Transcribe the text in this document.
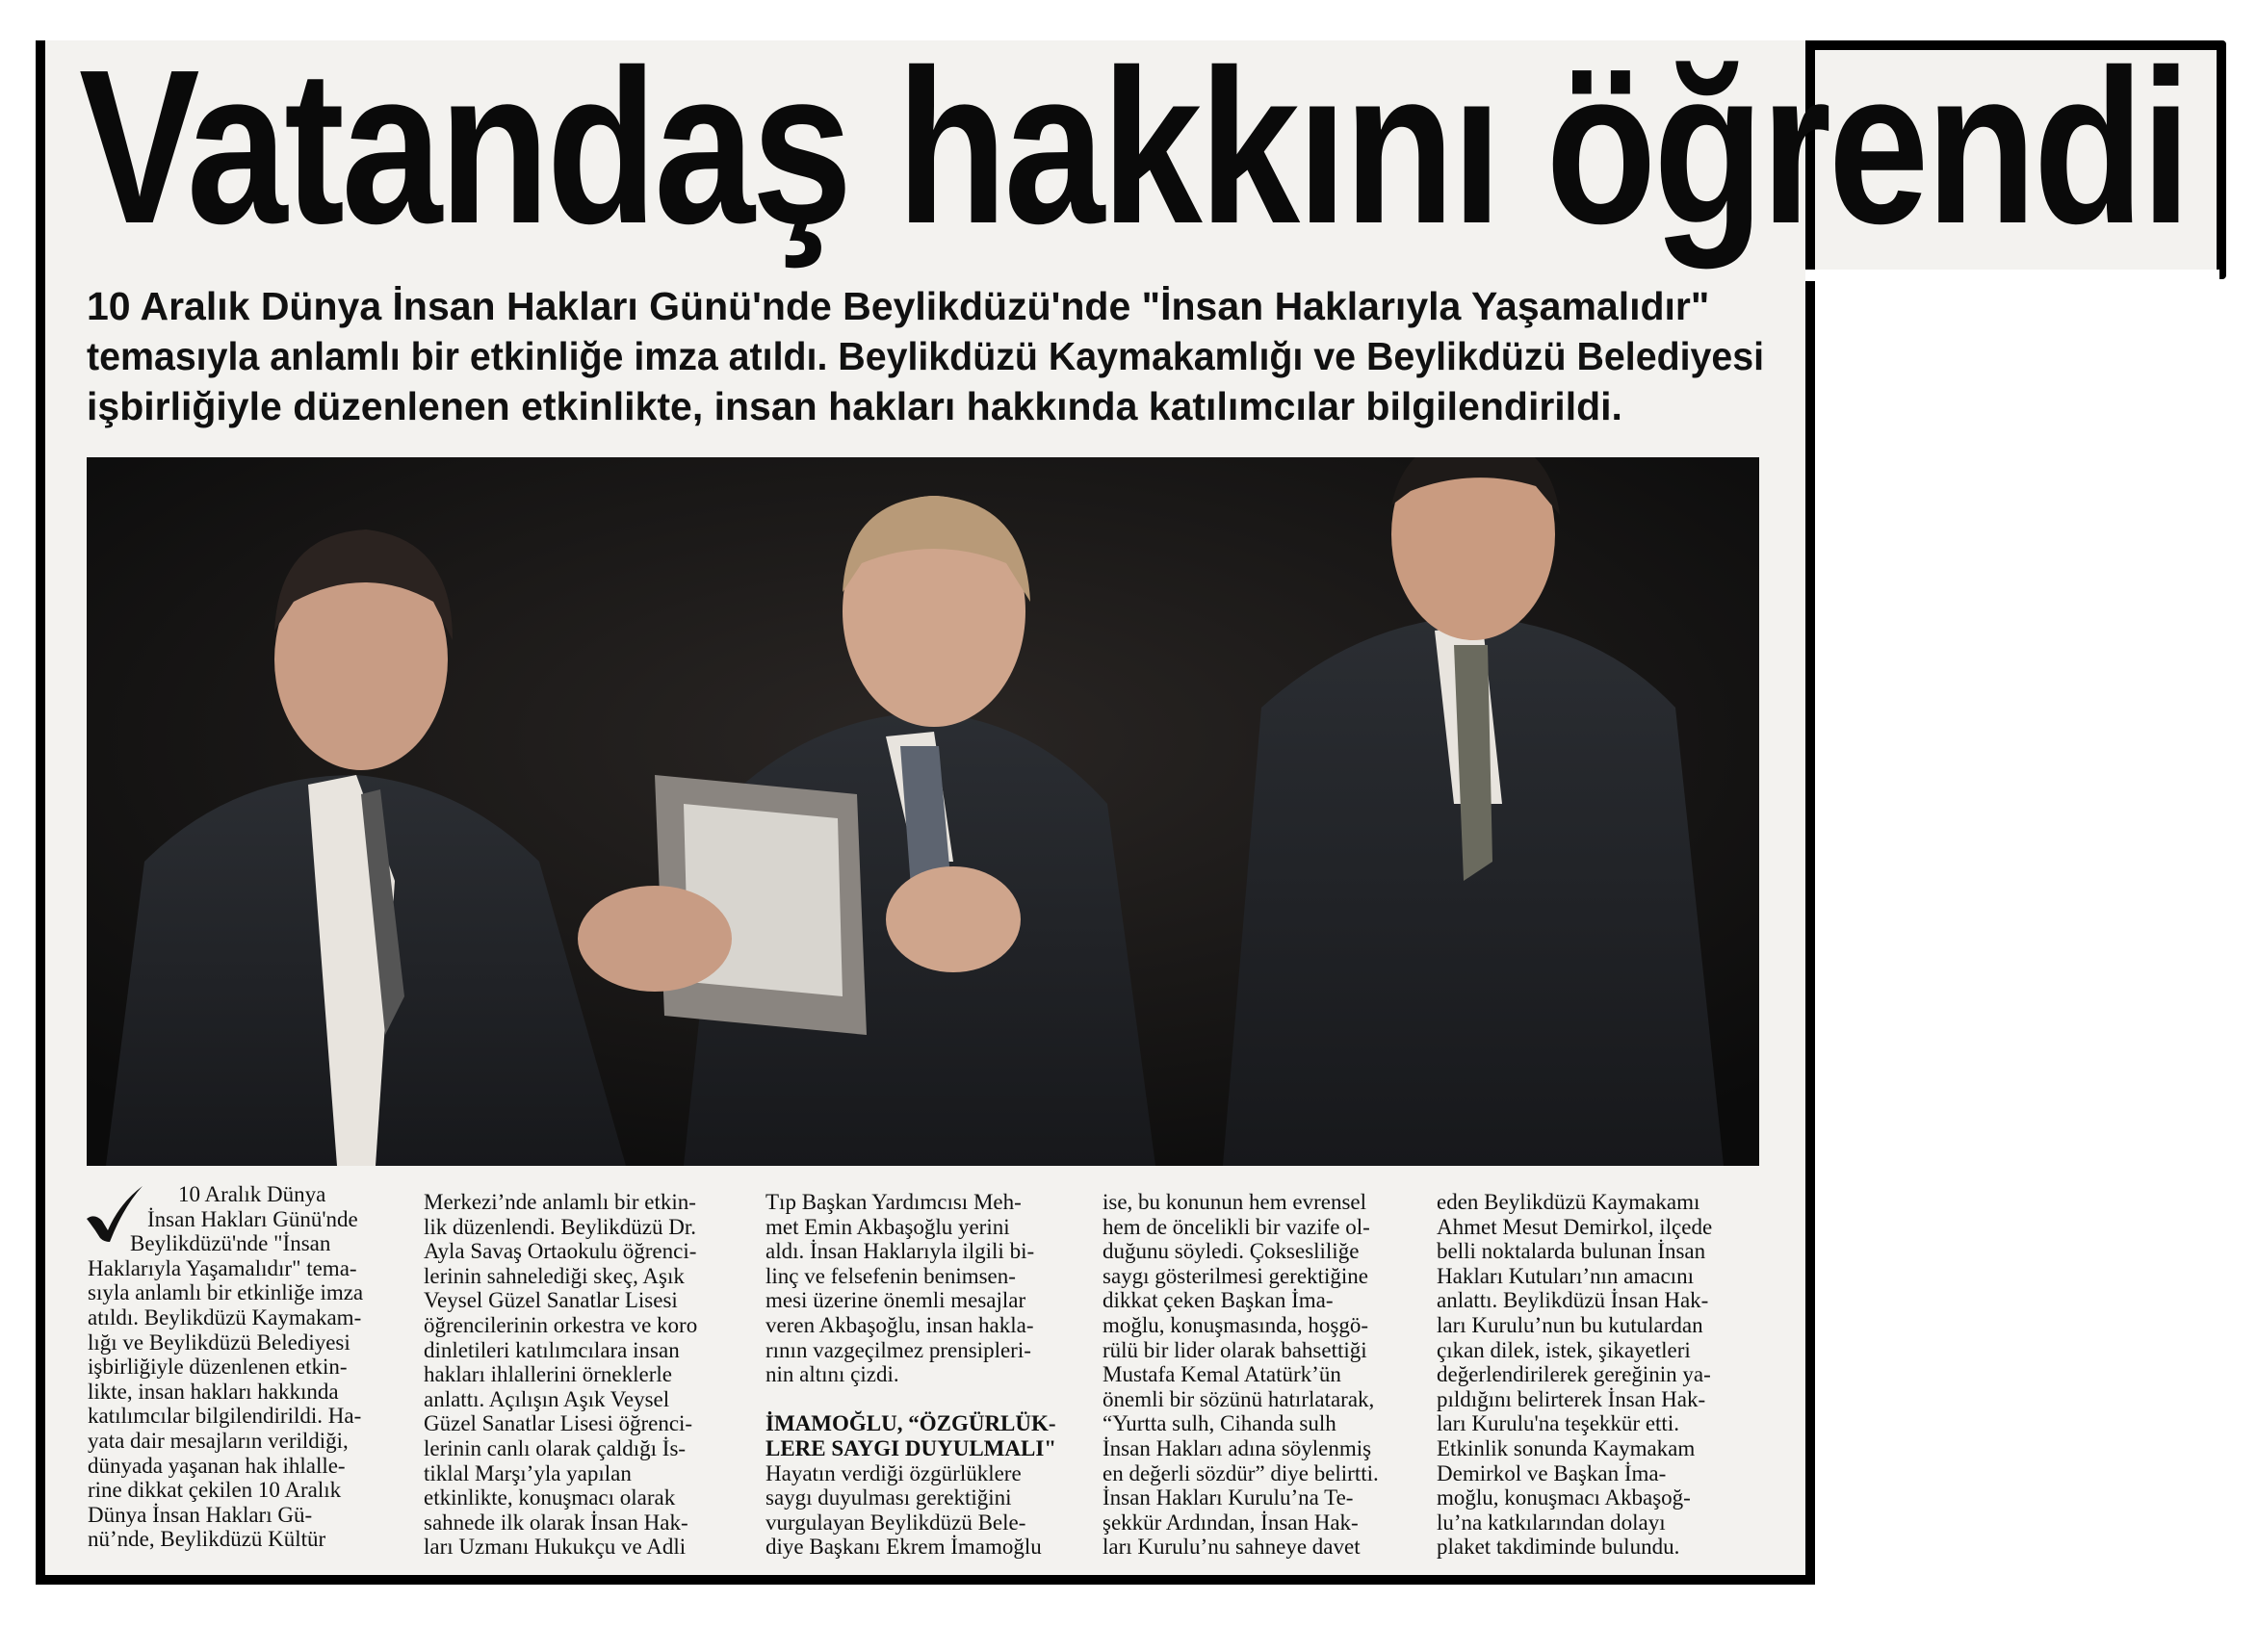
Vatandaş hakkını öğrendi
10 Aralık Dünya İnsan Hakları Günü'nde Beylikdüzü'nde "İnsan Haklarıyla Yaşamalıdır"
temasıyla anlamlı bir etkinliğe imza atıldı. Beylikdüzü Kaymakamlığı ve Beylikdüzü Belediyesi
işbirliğiyle düzenlenen etkinlikte, insan hakları hakkında katılımcılar bilgilendirildi.
10 Aralık Dünya
İnsan Hakları Günü'nde
Beylikdüzü'nde "İnsan
Haklarıyla Yaşamalıdır" tema-
sıyla anlamlı bir etkinliğe imza
atıldı. Beylikdüzü Kaymakam-
lığı ve Beylikdüzü Belediyesi
işbirliğiyle düzenlenen etkin-
likte, insan hakları hakkında
katılımcılar bilgilendirildi. Ha-
yata dair mesajların verildiği,
dünyada yaşanan hak ihlalle-
rine dikkat çekilen 10 Aralık
Dünya İnsan Hakları Gü-
nü’nde, Beylikdüzü Kültür
Merkezi’nde anlamlı bir etkin-
lik düzenlendi. Beylikdüzü Dr.
Ayla Savaş Ortaokulu öğrenci-
lerinin sahnelediği skeç, Aşık
Veysel Güzel Sanatlar Lisesi
öğrencilerinin orkestra ve koro
dinletileri katılımcılara insan
hakları ihlallerini örneklerle
anlattı. Açılışın Aşık Veysel
Güzel Sanatlar Lisesi öğrenci-
lerinin canlı olarak çaldığı İs-
tiklal Marşı’yla yapılan
etkinlikte, konuşmacı olarak
sahnede ilk olarak İnsan Hak-
ları Uzmanı Hukukçu ve Adli
Tıp Başkan Yardımcısı Meh-
met Emin Akbaşoğlu yerini
aldı. İnsan Haklarıyla ilgili bi-
linç ve felsefenin benimsen-
mesi üzerine önemli mesajlar
veren Akbaşoğlu, insan hakla-
rının vazgeçilmez prensipleri-
nin altını çizdi.
İMAMOĞLU, “ÖZGÜRLÜK-
LERE SAYGI DUYULMALI"
Hayatın verdiği özgürlüklere
saygı duyulması gerektiğini
vurgulayan Beylikdüzü Bele-
diye Başkanı Ekrem İmamoğlu
ise, bu konunun hem evrensel
hem de öncelikli bir vazife ol-
duğunu söyledi. Çoksesliliğe
saygı gösterilmesi gerektiğine
dikkat çeken Başkan İma-
moğlu, konuşmasında, hoşgö-
rülü bir lider olarak bahsettiği
Mustafa Kemal Atatürk’ün
önemli bir sözünü hatırlatarak,
“Yurtta sulh, Cihanda sulh
İnsan Hakları adına söylenmiş
en değerli sözdür” diye belirtti.
İnsan Hakları Kurulu’na Te-
şekkür Ardından, İnsan Hak-
ları Kurulu’nu sahneye davet
eden Beylikdüzü Kaymakamı
Ahmet Mesut Demirkol, ilçede
belli noktalarda bulunan İnsan
Hakları Kutuları’nın amacını
anlattı. Beylikdüzü İnsan Hak-
ları Kurulu’nun bu kutulardan
çıkan dilek, istek, şikayetleri
değerlendirilerek gereğinin ya-
pıldığını belirterek İnsan Hak-
ları Kurulu'na teşekkür etti.
Etkinlik sonunda Kaymakam
Demirkol ve Başkan İma-
moğlu, konuşmacı Akbaşoğ-
lu’na katkılarından dolayı
plaket takdiminde bulundu.
